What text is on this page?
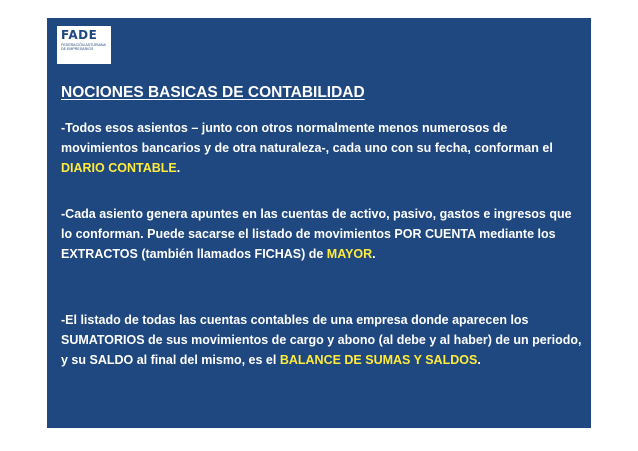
FADE
FEDERACIÓN ASTURIANA DE EMPRESARIOS
NOCIONES BASICAS DE CONTABILIDAD

-Todos esos asientos – junto con otros normalmente menos numerosos de movimientos bancarios y de otra naturaleza-, cada uno con su fecha, conforman el DIARIO CONTABLE.

-Cada asiento genera apuntes en las cuentas de activo, pasivo, gastos e ingresos que lo conforman. Puede sacarse el listado de movimientos POR CUENTA mediante los EXTRACTOS (también llamados FICHAS) de MAYOR.

-El listado de todas las cuentas contables de una empresa donde aparecen los SUMATORIOS de sus movimientos de cargo y abono (al debe y al haber) de un periodo, y su SALDO al final del mismo, es el BALANCE DE SUMAS Y SALDOS.
